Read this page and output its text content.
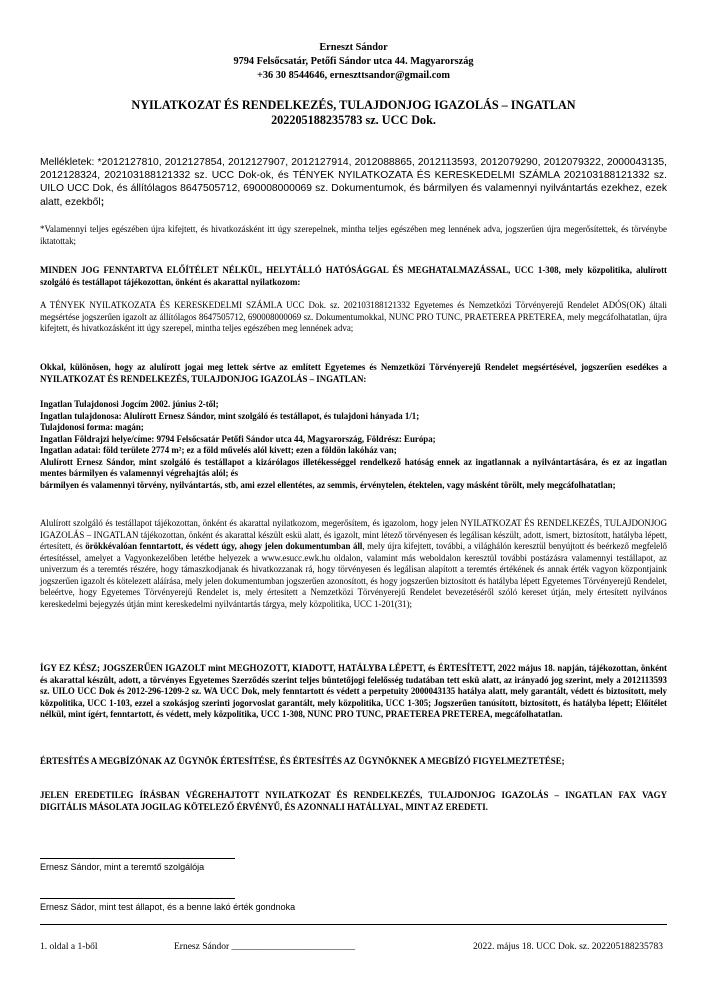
Erneszt Sándor
9794 Felsőcsatár, Petőfi Sándor utca 44. Magyarország
+36 30 8544646, erneszttsandor@gmail.com
NYILATKOZAT ÉS RENDELKEZÉS, TULAJDONJOG IGAZOLÁS – INGATLAN
202205188235783 sz. UCC Dok.

Mellékletek: *2012127810, 2012127854, 2012127907, 2012127914, 2012088865, 2012113593, 2012079290, 2012079322, 2000043135, 2012128324, 202103188121332 sz. UCC Dok-ok, és TÉNYEK NYILATKOZATA ÉS KERESKEDELMI SZÁMLA 202103188121332 sz. UILO UCC Dok, és állítólagos 8647505712, 690008000069 sz. Dokumentumok, és bármilyen és valamennyi nyilvántartás ezekhez, ezek alatt, ezekből;

*Valamennyi teljes egészében újra kifejtett, és hivatkozásként itt úgy szerepelnek, mintha teljes egészében meg lennének adva, jogszerűen újra megerősítettek, és törvénybe iktatottak;

MINDEN JOG FENNTARTVA ELŐÍTÉLET NÉLKÜL, HELYTÁLLÓ HATÓSÁGGAL ÉS MEGHATALMAZÁSSAL, UCC 1-308, mely közpolitika, alulírott szolgáló és testállapot tájékozottan, önként és akarattal nyilatkozom:

A TÉNYEK NYILATKOZATA ÉS KERESKEDELMI SZÁMLA UCC Dok. sz. 202103188121332 Egyetemes és Nemzetközi Törvényerejű Rendelet ADÓS(OK) általi megsértése jogszerűen igazolt az állítólagos 8647505712, 690008000069 sz. Dokumentumokkal, NUNC PRO TUNC, PRAETEREA PRETEREA, mely megcáfolhatatlan, újra kifejtett, és hivatkozásként itt úgy szerepel, mintha teljes egészében meg lennének adva;

Okkal, különösen, hogy az alulírott jogai meg lettek sértve az említett Egyetemes és Nemzetközi Törvényerejű Rendelet megsértésével, jogszerűen esedékes a NYILATKOZAT ÉS RENDELKEZÉS, TULAJDONJOG IGAZOLÁS – INGATLAN:

Ingatlan Tulajdonosi Jogcím 2002. június 2-től;

Ingatlan tulajdonosa: Alulírott Ernesz Sándor, mint szolgáló és testállapot, és tulajdoni hányada 1/1;

Tulajdonosi forma: magán;

Ingatlan Földrajzi helye/címe: 9794 Felsőcsatár Petőfi Sándor utca 44, Magyarország, Földrész: Európa;

Ingatlan adatai: föld területe 2774 m²; ez a föld művelés alól kivett; ezen a földön lakóház van;

Alulírott Ernesz Sándor, mint szolgáló és testállapot a kizárólagos illetékességgel rendelkező hatóság ennek az ingatlannak a nyilvántartására, és ez az ingatlan mentes bármilyen és valamennyi végrehajtás alól; és

bármilyen és valamennyi törvény, nyilvántartás, stb, ami ezzel ellentétes, az semmis, érvénytelen, étektelen, vagy másként törölt, mely megcáfolhatatlan;

Alulírott szolgáló és testállapot tájékozottan, önként és akarattal nyilatkozom, megerősítem, és igazolom, hogy jelen NYILATKOZAT ÉS RENDELKEZÉS, TULAJDONJOG IGAZOLÁS – INGATLAN tájékozottan, önként és akarattal készült eskü alatt, és igazolt, mint létező törvényesen és legálisan készült, adott, ismert, biztosított, hatályba lépett, értesített, és örökkévalóan fenntartott, és védett úgy, ahogy jelen dokumentumban áll, mely újra kifejtett, további, a világhálón keresztül benyújtott és beérkező megfelelő értesítéssel, amelyet a Vagyonkezelőben letétbe helyezek a www.esucc.ewk.hu oldalon, valamint más weboldalon keresztül további postázásra valamennyi testállapot, az univerzum és a teremtés részére, hogy támaszkodjanak és hivatkozzanak rá, hogy törvényesen és legálisan alapított a teremtés értékének és annak érték vagyon központjaink jogszerűen igazolt és kötelezett aláírása, mely jelen dokumentumban jogszerűen azonosított, és hogy jogszerűen biztosított és hatályba lépett Egyetemes Törvényerejű Rendelet, beleértve, hogy Egyetemes Törvényerejű Rendelet is, mely értesített a Nemzetközi Törvényerejű Rendelet bevezetéséről szóló kereset útján, mely értesített nyilvános kereskedelmi bejegyzés útján mint kereskedelmi nyilvántartás tárgya, mely közpolitika, UCC 1-201(31);

ÍGY EZ KÉSZ; JOGSZERŰEN IGAZOLT mint MEGHOZOTT, KIADOTT, HATÁLYBA LÉPETT, és ÉRTESÍTETT, 2022 május 18. napján, tájékozottan, önként és akarattal készült, adott, a törvényes Egyetemes Szerződés szerint teljes büntetőjogi felelősség tudatában tett eskü alatt, az irányadó jog szerint, mely a 2012113593 sz. UILO UCC Dok és 2012-296-1209-2 sz. WA UCC Dok, mely fenntartott és védett a perpetuity 2000043135 hatálya alatt, mely garantált, védett és biztosított, mely közpolitika, UCC 1-103, ezzel a szokásjog szerinti jogorvoslat garantált, mely közpolitika, UCC 1-305; Jogszerűen tanúsított, biztosított, és hatályba lépett; Előítélet nélkül, mint ígért, fenntartott, és védett, mely közpolitika, UCC 1-308, NUNC PRO TUNC, PRAETEREA PRETEREA, megcáfolhatatlan.

ÉRTESÍTÉS A MEGBÍZÓNAK AZ ÜGYNÖK ÉRTESÍTÉSE, ÉS ÉRTESÍTÉS AZ ÜGYNÖKNEK A MEGBÍZÓ FIGYELMEZTETÉSE;

JELEN EREDETILEG ÍRÁSBAN VÉGREHAJTOTT NYILATKOZAT ÉS RENDELKEZÉS, TULAJDONJOG IGAZOLÁS – INGATLAN FAX VAGY DIGITÁLIS MÁSOLATA JOGILAG KÖTELEZŐ ÉRVÉNYŰ, ÉS AZONNALI HATÁLLYAL, MINT AZ EREDETI.

Ernesz Sándor, mint a teremtő szolgálója
Ernesz Sádor, mint test állapot, és a benne lakó érték gondnoka
1. oldal a 1-ből	Ernesz Sándor __________________________	2022. május 18. UCC Dok. sz. 202205188235783
